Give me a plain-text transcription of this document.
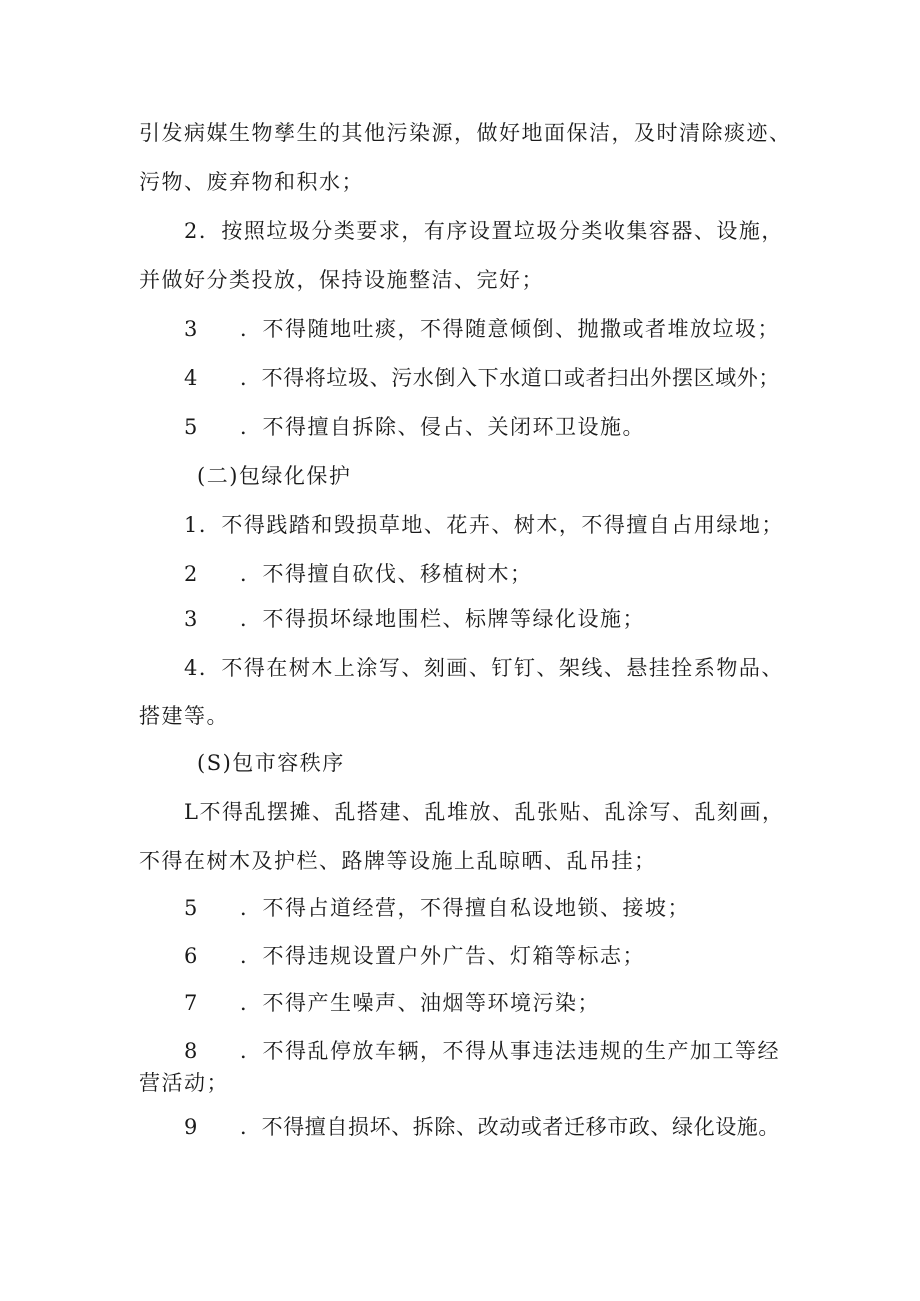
引发病媒生物孳生的其他污染源，做好地面保洁，及时清除痰迹、

污物、废弃物和积水；

2．按照垃圾分类要求，有序设置垃圾分类收集容器、设施，

并做好分类投放，保持设施整洁、完好；

3 ．不得随地吐痰，不得随意倾倒、抛撒或者堆放垃圾；

4 ．不得将垃圾、污水倒入下水道口或者扫出外摆区域外；

5 ．不得擅自拆除、侵占、关闭环卫设施。

(二)包绿化保护

1．不得践踏和毁损草地、花卉、树木，不得擅自占用绿地；

2 ．不得擅自砍伐、移植树木；

3 ．不得损坏绿地围栏、标牌等绿化设施；

4．不得在树木上涂写、刻画、钉钉、架线、悬挂拴系物品、

搭建等。

(S)包市容秩序

L不得乱摆摊、乱搭建、乱堆放、乱张贴、乱涂写、乱刻画，

不得在树木及护栏、路牌等设施上乱晾晒、乱吊挂；

5 ．不得占道经营，不得擅自私设地锁、接坡；

6 ．不得违规设置户外广告、灯箱等标志；

7 ．不得产生噪声、油烟等环境污染；

8 ．不得乱停放车辆，不得从事违法违规的生产加工等经

营活动；

9 ．不得擅自损坏、拆除、改动或者迁移市政、绿化设施。
